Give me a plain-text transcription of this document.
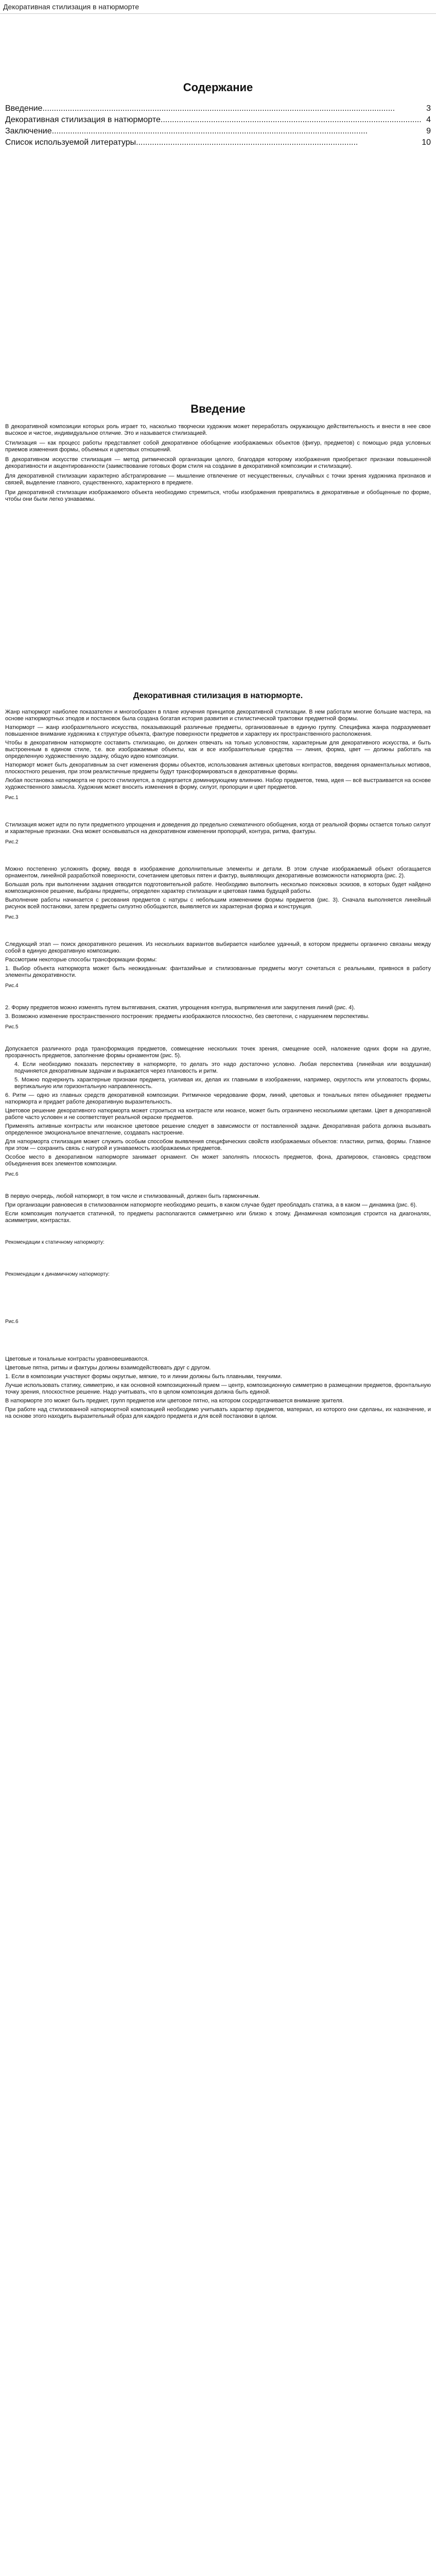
Декоративная стилизация в натюрморте
Содержание
Введение..........................................................................................................................................................	3
Декоративная стилизация в натюрморте.................................................................................................................. 4
Заключение..........................................................................................................................................	9
Список используемой литературы.................................................................................................	10
Введение

В декоративной композиции которых роль играет то, насколько творчески художник может переработать окружающую действительность и внести в нее свое высокое и чистое, индивидуальное отличие. Это и называется стилизацией.

Стилизация — как процесс работы представляет собой декоративное обобщение изображаемых объектов (фигур, предметов) с помощью ряда условных приемов изменения формы, объемных и цветовых отношений.

В декоративном искусстве стилизация — метод ритмической организации целого, благодаря которому изображения приобретают признаки повышенной декоративности и акцентированности (заимствование готовых форм стиля на создание в декоративной композиции и стилизации).

Для декоративной стилизации характерно абстрагирование — мышление отвлечение от несущественных, случайных с точки зрения художника признаков и связей, выделение главного, существенного, характерного в предмете.

При декоративной стилизации изображаемого объекта необходимо стремиться, чтобы изображения превратились в декоративные и обобщенные по форме, чтобы они были легко узнаваемы.

Декоративная стилизация в натюрморте.

Жанр натюрморт наиболее показателен и многообразен в плане изучения принципов декоративной стилизации. В нем работали многие большие мастера, на основе натюрмортных этюдов и постановок была создана богатая история развития и стилистической трактовки предметной формы.

Натюрморт — жанр изобразительного искусства, показывающий различные предметы, организованные в единую группу. Специфика жанра подразумевает повышенное внимание художника к структуре объекта, фактуре поверхности предметов и характеру их пространственного расположения.

Чтобы в декоративном натюрморте составить стилизацию, он должен отвечать на только условностям, характерным для декоративного искусства, и быть выстроенным в едином стиле, т.е. все изображаемые объекты, как и все изобразительные средства — линия, форма, цвет — должны работать на определенную художественную задачу, общую идею композиции.

Натюрморт может быть декоративным за счет изменения формы объектов, использования активных цветовых контрастов, введения орнаментальных мотивов, плоскостного решения, при этом реалистичные предметы будут трансформироваться в декоративные формы.

Любая постановка натюрморта не просто стилизуется, а подвергается доминирующему влиянию. Набор предметов, тема, идея — всё выстраивается на основе художественного замысла. Художник может вносить изменения в форму, силуэт, пропорции и цвет предметов.

Рис.1

Стилизация может идти по пути предметного упрощения и доведения до предельно схематичного обобщения, когда от реальной формы остается только силуэт и характерные признаки. Она может основываться на декоративном изменении пропорций, контура, ритма, фактуры.

Рис.2

Можно постепенно усложнять форму, вводя в изображение дополнительные элементы и детали. В этом случае изображаемый объект обогащается орнаментом, линейной разработкой поверхности, сочетанием цветовых пятен и фактур, выявляющих декоративные возможности натюрморта (рис. 2).

Большая роль при выполнении задания отводится подготовительной работе. Необходимо выполнить несколько поисковых эскизов, в которых будет найдено композиционное решение, выбраны предметы, определен характер стилизации и цветовая гамма будущей работы.

Выполнение работы начинается с рисования предметов с натуры с небольшим изменением формы предметов (рис. 3). Сначала выполняется линейный рисунок всей постановки, затем предметы силуэтно обобщаются, выявляется их характерная форма и конструкция.

Рис.3

Следующий этап — поиск декоративного решения. Из нескольких вариантов выбирается наиболее удачный, в котором предметы органично связаны между собой в единую декоративную композицию.

Рассмотрим некоторые способы трансформации формы:

1. Выбор объекта натюрморта может быть неожиданным: фантазийные и стилизованные предметы могут сочетаться с реальными, привнося в работу элементы декоративности.

Рис.4

2. Форму предметов можно изменять путем вытягивания, сжатия, упрощения контура, выпрямления или закругления линий (рис. 4).

3. Возможно изменение пространственного построения: предметы изображаются плоскостно, без светотени, с нарушением перспективы.

Рис.5

Допускается различного рода трансформация предметов, совмещение нескольких точек зрения, смещение осей, наложение одних форм на другие, прозрачность предметов, заполнение формы орнаментом (рис. 5).

4. Если необходимо показать перспективу в натюрморте, то делать это надо достаточно условно. Любая перспектива (линейная или воздушная) подчиняется декоративным задачам и выражается через плановость и ритм.

5. Можно подчеркнуть характерные признаки предмета, усиливая их, делая их главными в изображении, например, округлость или угловатость формы, вертикальную или горизонтальную направленность.

6. Ритм — одно из главных средств декоративной композиции. Ритмичное чередование форм, линий, цветовых и тональных пятен объединяет предметы натюрморта и придает работе декоративную выразительность.

Цветовое решение декоративного натюрморта может строиться на контрасте или нюансе, может быть ограничено несколькими цветами. Цвет в декоративной работе часто условен и не соответствует реальной окраске предметов.

Применять активные контрасты или нюансное цветовое решение следует в зависимости от поставленной задачи. Декоративная работа должна вызывать определенное эмоциональное впечатление, создавать настроение.

Для натюрморта стилизация может служить особым способом выявления специфических свойств изображаемых объектов: пластики, ритма, формы. Главное при этом — сохранить связь с натурой и узнаваемость изображаемых предметов.

Особое место в декоративном натюрморте занимает орнамент. Он может заполнять плоскость предметов, фона, драпировок, становясь средством объединения всех элементов композиции.

Рис.6

В первую очередь, любой натюрморт, в том числе и стилизованный, должен быть гармоничным.

При организации равновесия в стилизованном натюрморте необходимо решить, в каком случае будет преобладать статика, а в каком — динамика (рис. 6).

Если композиция получается статичной, то предметы располагаются симметрично или близко к этому. Динамичная композиция строится на диагоналях, асимметрии, контрастах.

Рекомендации к статичному натюрморту:
Рекомендации к динамичному натюрморту:
Рис.6

Цветовые и тональные контрасты уравновешиваются.

Цветовые пятна, ритмы и фактуры должны взаимодействовать друг с другом.

1. Если в композиции участвуют формы округлые, мягкие, то и линии должны быть плавными, текучими.

Лучше использовать статику, симметрию, и как основной композиционный прием — центр, композиционную симметрию в размещении предметов, фронтальную точку зрения, плоскостное решение. Надо учитывать, что в целом композиция должна быть единой.

В натюрморте это может быть предмет, групп предметов или цветовое пятно, на котором сосредотачивается внимание зрителя.

При работе над стилизованной натюрмортной композицией необходимо учитывать характер предметов, материал, из которого они сделаны, их назначение, и на основе этого находить выразительный образ для каждого предмета и для всей постановки в целом.
